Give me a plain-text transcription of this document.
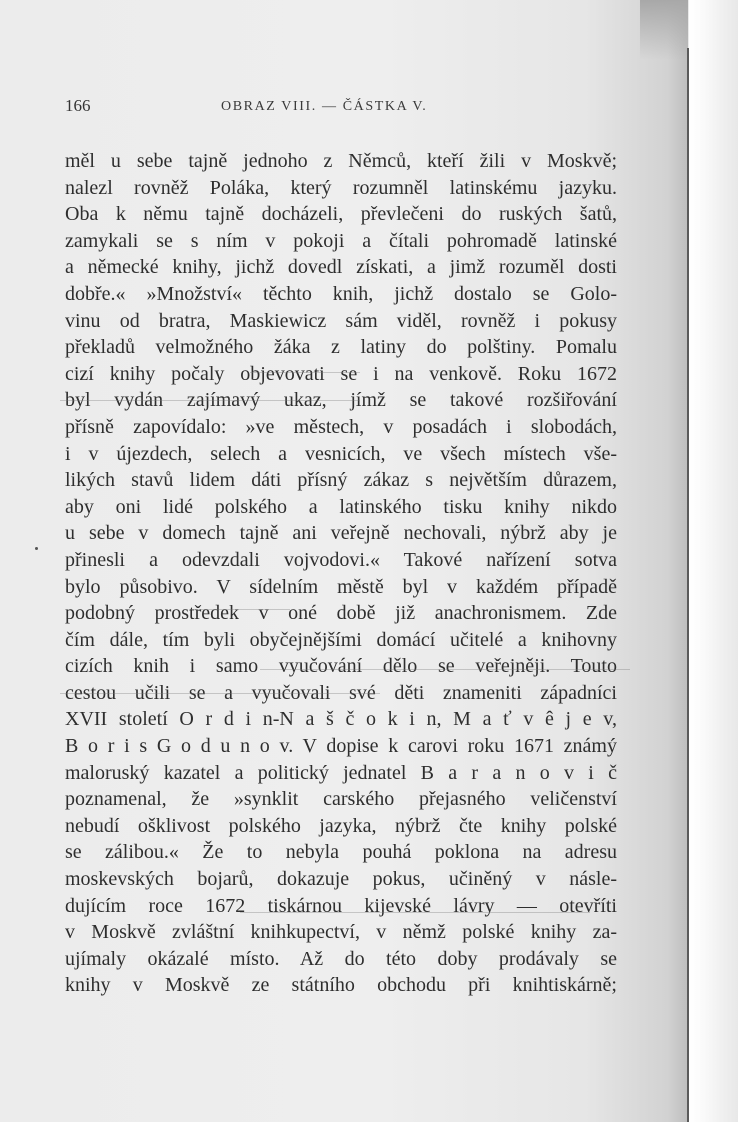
166	OBRAZ VIII. — ČÁSTKA V.
měl u sebe tajně jednoho z Němců, kteří žili v Moskvě;
nalezl rovněž Poláka, který rozumněl latinskému jazyku.
Oba k němu tajně docházeli, převlečeni do ruských šatů,
zamykali se s ním v pokoji a čítali pohromadě latinské
a německé knihy, jichž dovedl získati, a jimž rozuměl dosti
dobře.« »Množství« těchto knih, jichž dostalo se Golo-
vinu od bratra, Maskiewicz sám viděl, rovněž i pokusy
překladů velmožného žáka z latiny do polštiny. Pomalu
cizí knihy počaly objevovati se i na venkově. Roku 1672
byl vydán zajímavý ukaz, jímž se takové rozšiřování
přísně zapovídalo: »ve městech, v posadách i slobodách,
i v újezdech, selech a vesnicích, ve všech místech vše-
likých stavů lidem dáti přísný zákaz s největším důrazem,
aby oni lidé polského a latinského tisku knihy nikdo
u sebe v domech tajně ani veřejně nechovali, nýbrž aby je
přinesli a odevzdali vojvodovi.« Takové nařízení sotva
bylo působivo. V sídelním městě byl v každém případě
podobný prostředek v oné době již anachronismem. Zde
čím dále, tím byli obyčejnějšími domácí učitelé a knihovny
cizích knih i samo vyučování dělo se veřejněji. Touto
cestou učili se a vyučovali své děti znameniti západníci
XVII století O r d i n-N a š č o k i n, M a ť v ê j e v,
B o r i s G o d u n o v. V dopise k carovi roku 1671 známý
maloruský kazatel a politický jednatel B a r a n o v i č
poznamenal, že »synklit carského přejasného veličenství
nebudí ošklivost polského jazyka, nýbrž čte knihy polské
se zálibou.« Že to nebyla pouhá poklona na adresu
moskevských bojarů, dokazuje pokus, učiněný v násle-
dujícím roce 1672 tiskárnou kijevské lávry — otevříti
v Moskvě zvláštní knihkupectví, v němž polské knihy za-
ujímaly okázalé místo. Až do této doby prodávaly se
knihy v Moskvě ze státního obchodu při knihtiskárně;
